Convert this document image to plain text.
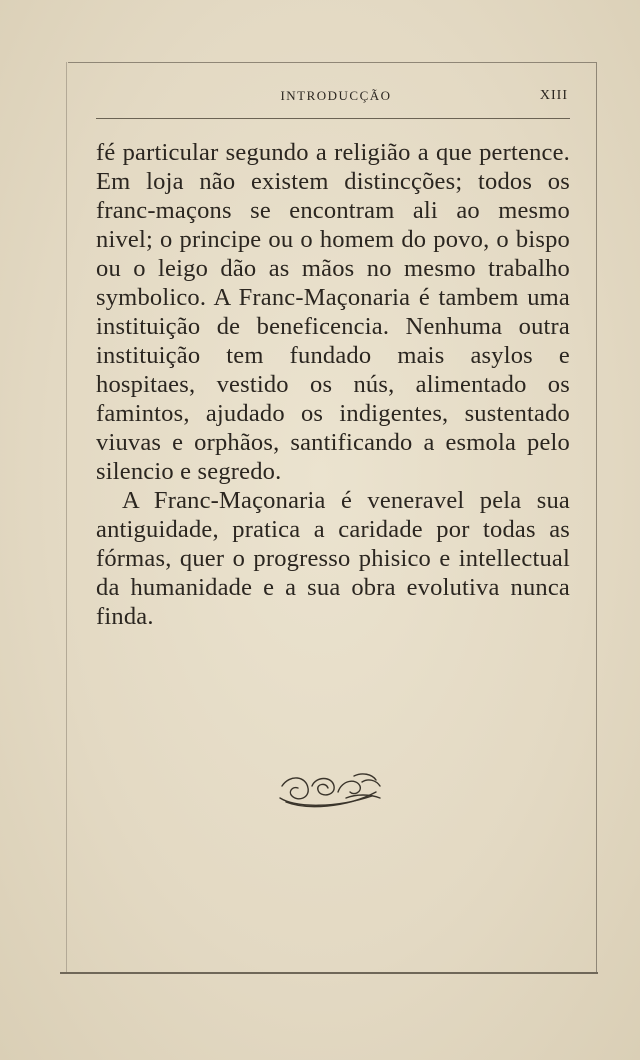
INTRODUCÇÃO	XIII

fé particular segundo a religião a que pertence. Em loja não existem distincções; todos os franc-maçons se encontram ali ao mesmo nivel; o principe ou o homem do povo, o bispo ou o leigo dão as mãos no mesmo trabalho symbolico. A Franc-Maçonaria é tambem uma instituição de beneficencia. Nenhuma outra instituição tem fundado mais asylos e hospitaes, vestido os nús, alimentado os famintos, ajudado os indigentes, sustentado viuvas e orphãos, santificando a esmola pelo silencio e segredo.

A Franc-Maçonaria é veneravel pela sua antiguidade, pratica a caridade por todas as fórmas, quer o progresso phisico e intellectual da humanidade e a sua obra evolutiva nunca finda.
